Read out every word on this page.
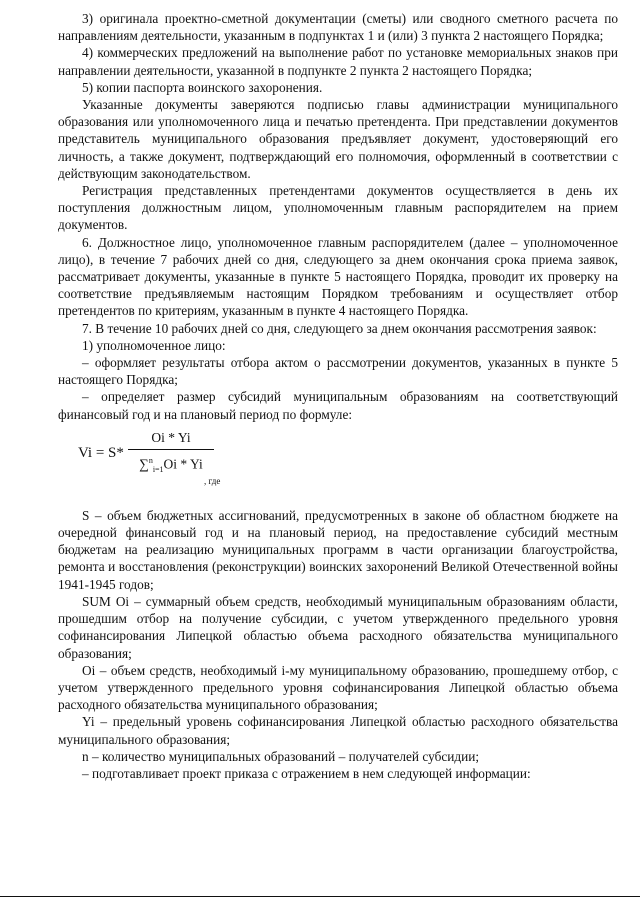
3) оригинала проектно-сметной документации (сметы) или сводного сметного расчета по направлениям деятельности, указанным в подпунктах 1 и (или) 3 пункта 2 настоящего Порядка;

4) коммерческих предложений на выполнение работ по установке мемориальных знаков при направлении деятельности, указанной в подпункте 2 пункта 2 настоящего Порядка;

5) копии паспорта воинского захоронения.

Указанные документы заверяются подписью главы администрации муниципального образования или уполномоченного лица и печатью претендента. При представлении документов представитель муниципального образования предъявляет документ, удостоверяющий его личность, а также документ, подтверждающий его полномочия, оформленный в соответствии с действующим законодательством.

Регистрация представленных претендентами документов осуществляется в день их поступления должностным лицом, уполномоченным главным распорядителем на прием документов.

6. Должностное лицо, уполномоченное главным распорядителем (далее – уполномоченное лицо), в течение 7 рабочих дней со дня, следующего за днем окончания срока приема заявок, рассматривает документы, указанные в пункте 5 настоящего Порядка, проводит их проверку на соответствие предъявляемым настоящим Порядком требованиям и осуществляет отбор претендентов по критериям, указанным в пункте 4 настоящего Порядка.

7. В течение 10 рабочих дней со дня, следующего за днем окончания рассмотрения заявок:

1) уполномоченное лицо:

– оформляет результаты отбора актом о рассмотрении документов, указанных в пункте 5 настоящего Порядка;

– определяет размер субсидий муниципальным образованиям на соответствующий финансовый год и на плановый период по формуле:

Vi = S*
Oi * Yi
∑$^n_{i=1}$Oi * Yi
, где

S – объем бюджетных ассигнований, предусмотренных в законе об областном бюджете на очередной финансовый год и на плановый период, на предоставление субсидий местным бюджетам на реализацию муниципальных программ в части организации благоустройства, ремонта и восстановления (реконструкции) воинских захоронений Великой Отечественной войны 1941-1945 годов;

SUM Oi – суммарный объем средств, необходимый муниципальным образованиям области, прошедшим отбор на получение субсидии, с учетом утвержденного предельного уровня софинансирования Липецкой областью объема расходного обязательства муниципального образования;

Oi – объем средств, необходимый i-му муниципальному образованию, прошедшему отбор, с учетом утвержденного предельного уровня софинансирования Липецкой областью объема расходного обязательства муниципального образования;

Yi – предельный уровень софинансирования Липецкой областью расходного обязательства муниципального образования;

n – количество муниципальных образований – получателей субсидии;

– подготавливает проект приказа с отражением в нем следующей информации:
